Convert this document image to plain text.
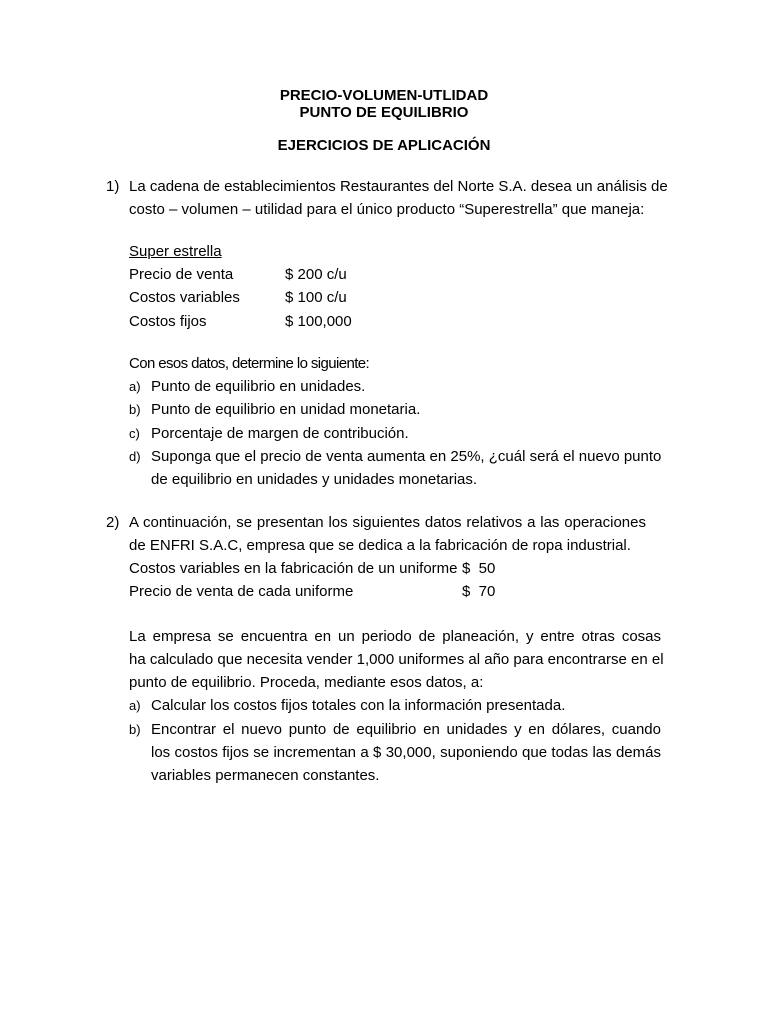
PRECIO-VOLUMEN-UTLIDAD
PUNTO DE EQUILIBRIO
EJERCICIOS DE APLICACIÓN
1) La cadena de establecimientos Restaurantes del Norte S.A. desea un análisis de
costo – volumen – utilidad para el único producto “Superestrella” que maneja:
Super estrella
Precio de venta	$ 200 c/u
Costos variables	$ 100 c/u
Costos fijos	$ 100,000
Con esos datos, determine lo siguiente:
a) Punto de equilibrio en unidades.
b) Punto de equilibrio en unidad monetaria.
c) Porcentaje de margen de contribución.
d) Suponga que el precio de venta aumenta en 25%, ¿cuál será el nuevo punto
de equilibrio en unidades y unidades monetarias.
2) A continuación, se presentan los siguientes datos relativos a las operaciones
de ENFRI S.A.C, empresa que se dedica a la fabricación de ropa industrial.
Costos variables en la fabricación de un uniforme $  50
Precio de venta de cada uniforme	$  70
La empresa se encuentra en un periodo de planeación, y entre otras cosas
ha calculado que necesita vender 1,000 uniformes al año para encontrarse en el
punto de equilibrio. Proceda, mediante esos datos, a:
a) Calcular los costos fijos totales con la información presentada.
b) Encontrar el nuevo punto de equilibrio en unidades y en dólares, cuando
los costos fijos se incrementan a $ 30,000, suponiendo que todas las demás
variables permanecen constantes.
